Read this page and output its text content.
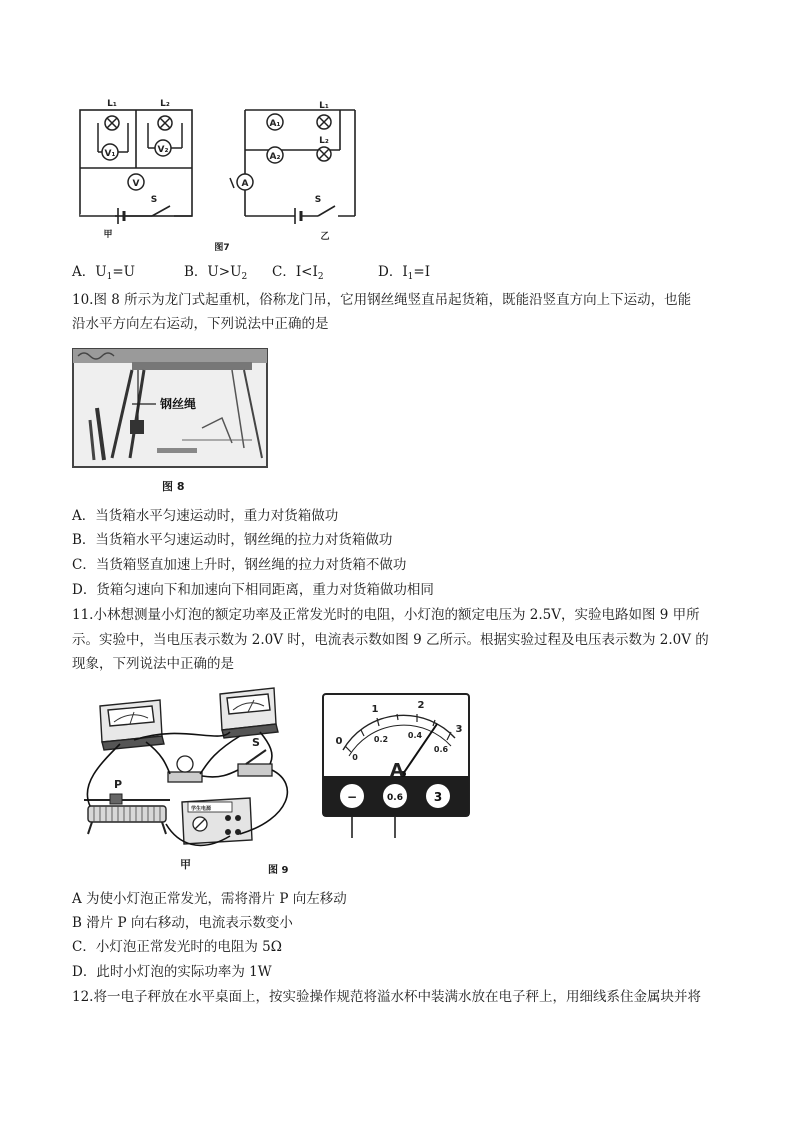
L₁	L₂
V₁	V₂
V
S
甲
A₁
L₁
A₂
L₂
A
S
乙
图7
A．$U_1=U$	B．$U>U_2$ C．$I<I_2$	D．$I_1=I$
10.图 8 所示为龙门式起重机，俗称龙门吊，它用钢丝绳竖直吊起货箱，既能沿竖直方向上下运动，也能
沿水平方向左右运动，下列说法中正确的是
钢丝绳
图 8
A．当货箱水平匀速运动时，重力对货箱做功
B．当货箱水平匀速运动时，钢丝绳的拉力对货箱做功
C．当货箱竖直加速上升时，钢丝绳的拉力对货箱不做功
D．货箱匀速向下和加速向下相同距离，重力对货箱做功相同
11.小林想测量小灯泡的额定功率及正常发光时的电阻，小灯泡的额定电压为 2.5V，实验电路如图 9 甲所
示。实验中，当电压表示数为 2.0V 时，电流表示数如图 9 乙所示。根据实验过程及电压表示数为 2.0V 的
现象，下列说法中正确的是
P
S
学生电源
甲
0
1	2
3
0
0.2 0.4
0.6
A
−	0.6	3
图 9
A 为使小灯泡正常发光，需将滑片 P 向左移动
B 滑片 P 向右移动，电流表示数变小
C．小灯泡正常发光时的电阻为 5Ω
D．此时小灯泡的实际功率为 1W
12.将一电子秤放在水平桌面上，按实验操作规范将溢水杯中装满水放在电子秤上，用细线系住金属块并将
